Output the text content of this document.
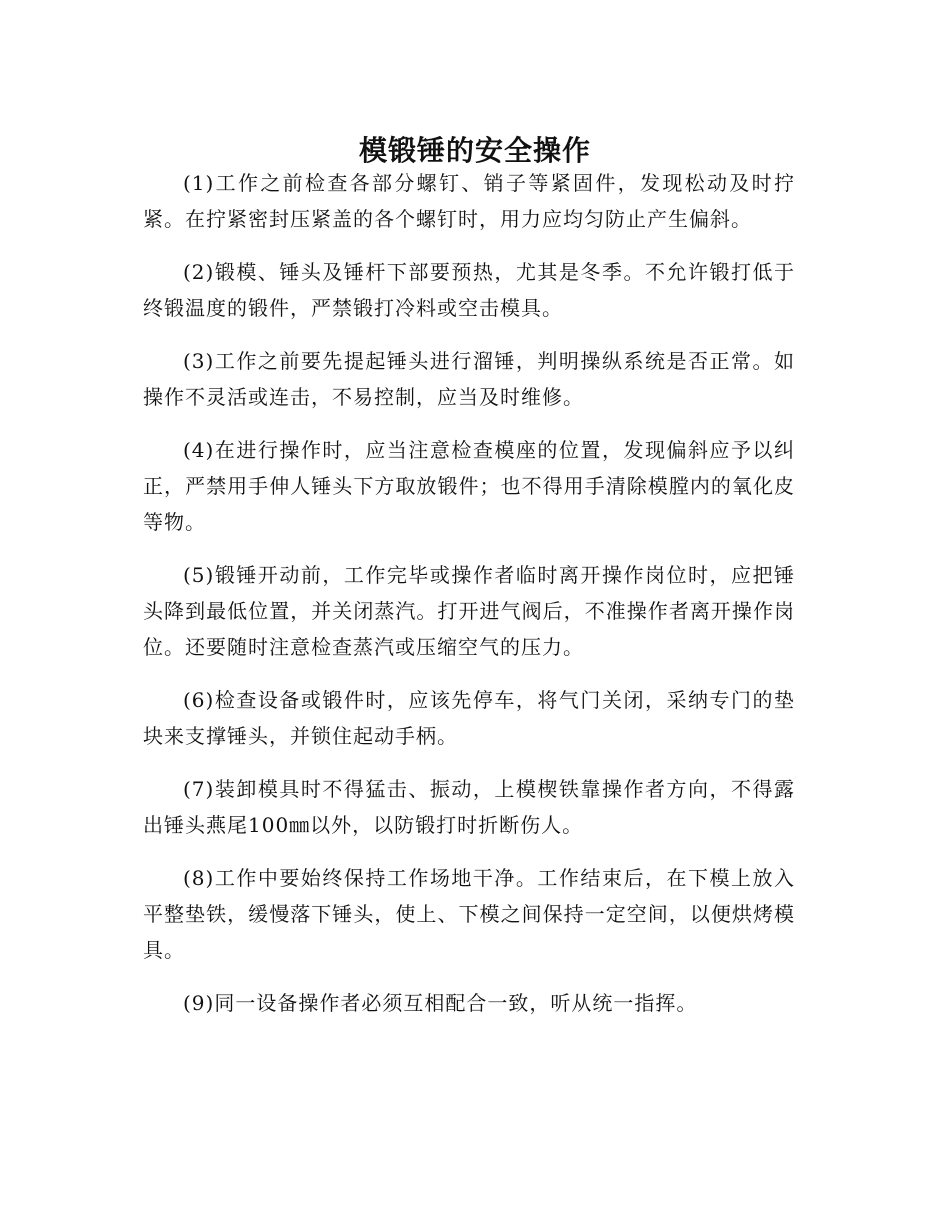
模锻锤的安全操作

(1)工作之前检查各部分螺钉、销子等紧固件，发现松动及时拧紧。在拧紧密封压紧盖的各个螺钉时，用力应均匀防止产生偏斜。

(2)锻模、锤头及锤杆下部要预热，尤其是冬季。不允许锻打低于终锻温度的锻件，严禁锻打冷料或空击模具。

(3)工作之前要先提起锤头进行溜锤，判明操纵系统是否正常。如操作不灵活或连击，不易控制，应当及时维修。

(4)在进行操作时，应当注意检查模座的位置，发现偏斜应予以纠正，严禁用手伸人锤头下方取放锻件；也不得用手清除模膛内的氧化皮等物。

(5)锻锤开动前，工作完毕或操作者临时离开操作岗位时，应把锤头降到最低位置，并关闭蒸汽。打开进气阀后，不准操作者离开操作岗位。还要随时注意检查蒸汽或压缩空气的压力。

(6)检查设备或锻件时，应该先停车，将气门关闭，采纳专门的垫块来支撑锤头，并锁住起动手柄。

(7)装卸模具时不得猛击、振动，上模楔铁靠操作者方向，不得露出锤头燕尾100㎜以外，以防锻打时折断伤人。

(8)工作中要始终保持工作场地干净。工作结束后，在下模上放入平整垫铁，缓慢落下锤头，使上、下模之间保持一定空间，以便烘烤模具。

(9)同一设备操作者必须互相配合一致，听从统一指挥。
